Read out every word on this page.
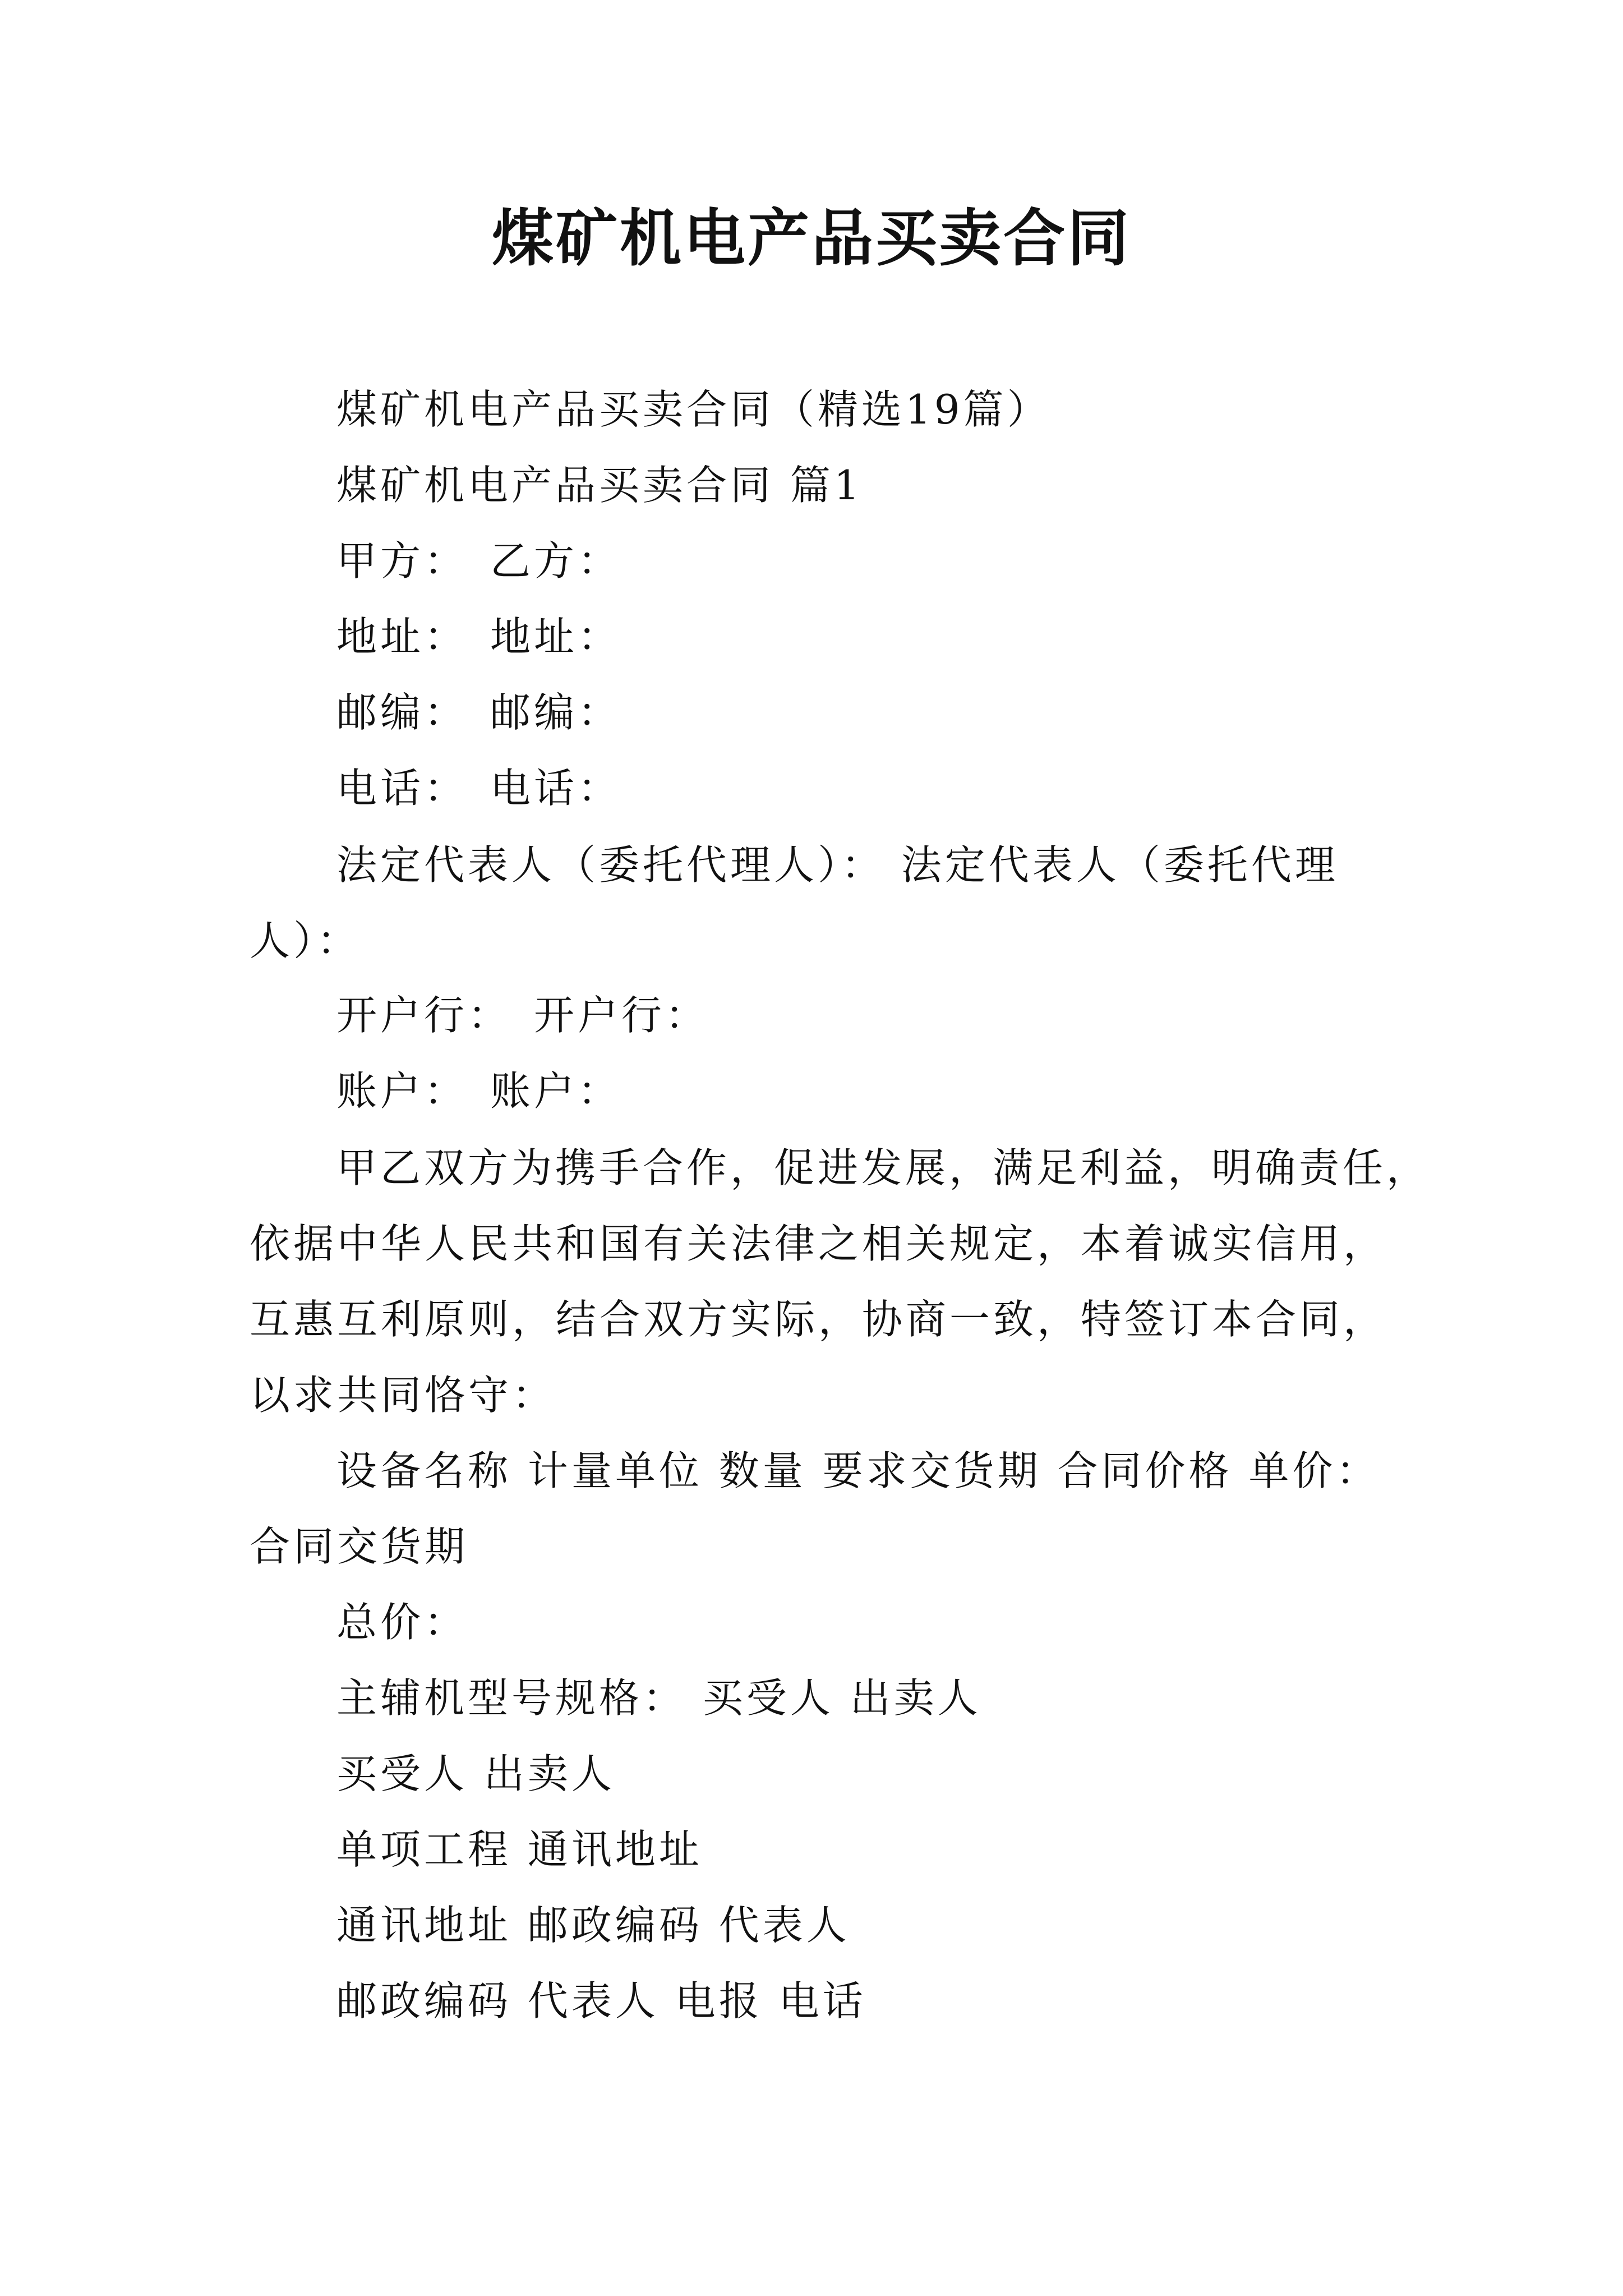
煤矿机电产品买卖合同
煤矿机电产品买卖合同（精选19篇）
煤矿机电产品买卖合同 篇1
甲方： 乙方：
地址： 地址：
邮编： 邮编：
电话： 电话：
法定代表人（委托代理人）： 法定代表人（委托代理
人）：
开户行： 开户行：
账户： 账户：
甲乙双方为携手合作，促进发展，满足利益，明确责任，
依据中华人民共和国有关法律之相关规定，本着诚实信用，
互惠互利原则，结合双方实际，协商一致，特签订本合同，
以求共同恪守：
设备名称 计量单位 数量 要求交货期 合同价格 单价：
合同交货期
总价：
主辅机型号规格： 买受人 出卖人
买受人 出卖人
单项工程 通讯地址
通讯地址 邮政编码 代表人
邮政编码 代表人 电报 电话
